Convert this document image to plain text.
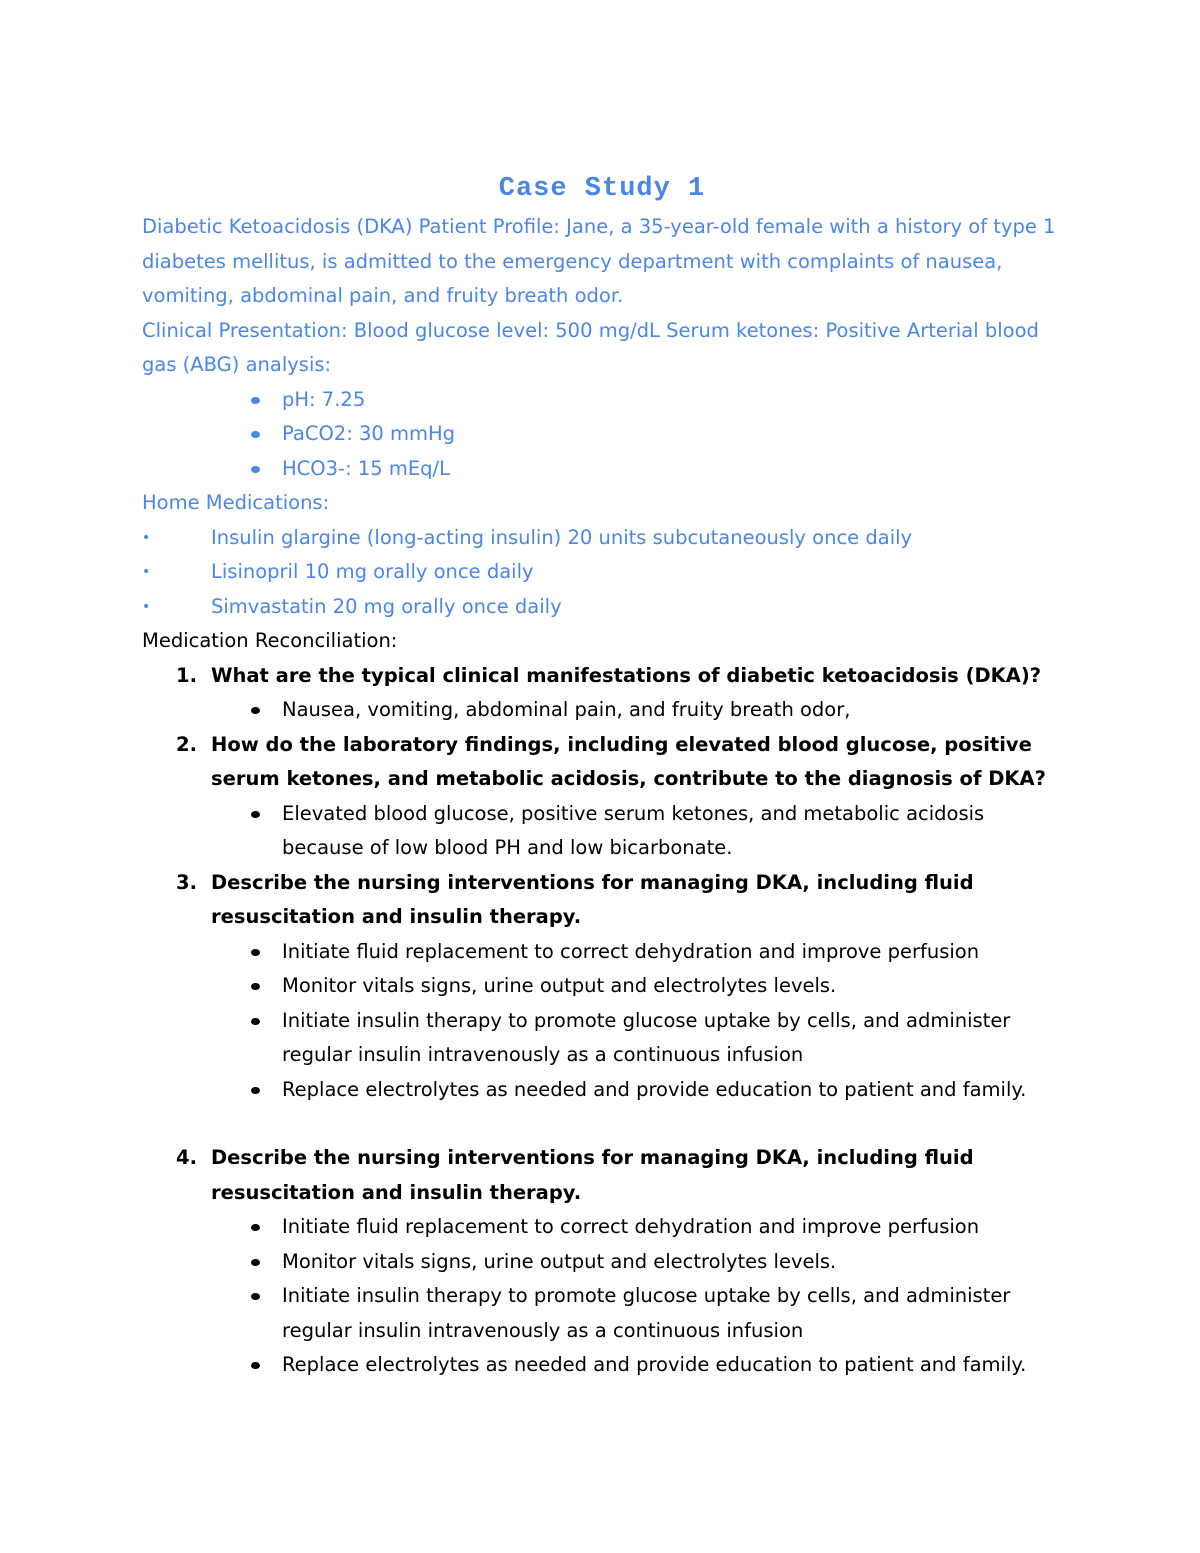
Case Study 1

Diabetic Ketoacidosis (DKA) Patient Profile: Jane, a 35-year-old female with a history of type 1 diabetes mellitus, is admitted to the emergency department with complaints of nausea, vomiting, abdominal pain, and fruity breath odor.

Clinical Presentation: Blood glucose level: 500 mg/dL Serum ketones: Positive Arterial blood gas (ABG) analysis:

pH: 7.25
PaCO2: 30 mmHg
HCO3-: 15 mEq/L

Home Medications:

•	Insulin glargine (long-acting insulin) 20 units subcutaneously once daily
•	Lisinopril 10 mg orally once daily
•	Simvastatin 20 mg orally once daily

Medication Reconciliation:

1. What are the typical clinical manifestations of diabetic ketoacidosis (DKA)?

Nausea, vomiting, abdominal pain, and fruity breath odor,
2. How do the laboratory findings, including elevated blood glucose, positive serum ketones, and metabolic acidosis, contribute to the diagnosis of DKA?

Elevated blood glucose, positive serum ketones, and metabolic acidosis because of low blood PH and low bicarbonate.
3. Describe the nursing interventions for managing DKA, including fluid resuscitation and insulin therapy.

Initiate fluid replacement to correct dehydration and improve perfusion
Monitor vitals signs, urine output and electrolytes levels.
Initiate insulin therapy to promote glucose uptake by cells, and administer regular insulin intravenously as a continuous infusion
Replace electrolytes as needed and provide education to patient and family.
4. Describe the nursing interventions for managing DKA, including fluid resuscitation and insulin therapy.

Initiate fluid replacement to correct dehydration and improve perfusion
Monitor vitals signs, urine output and electrolytes levels.
Initiate insulin therapy to promote glucose uptake by cells, and administer regular insulin intravenously as a continuous infusion
Replace electrolytes as needed and provide education to patient and family.
